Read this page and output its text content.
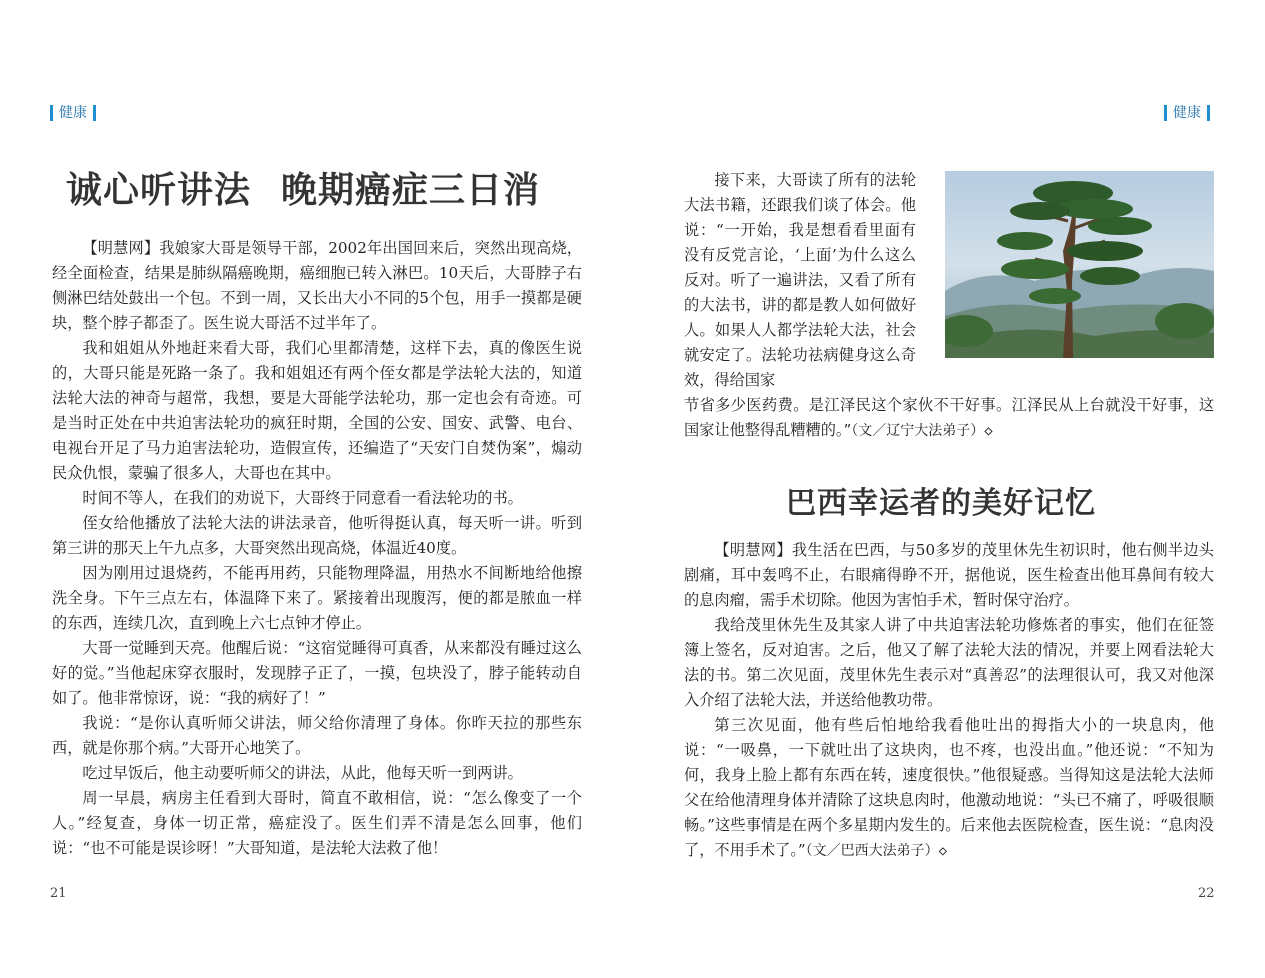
健康	健康
诚心听讲法 晚期癌症三日消

【明慧网】我娘家大哥是领导干部，2002年出国回来后，突然出现高烧，经全面检查，结果是肺纵隔癌晚期，癌细胞已转入淋巴。10天后，大哥脖子右侧淋巴结处鼓出一个包。不到一周，又长出大小不同的5个包，用手一摸都是硬块，整个脖子都歪了。医生说大哥活不过半年了。

我和姐姐从外地赶来看大哥，我们心里都清楚，这样下去，真的像医生说的，大哥只能是死路一条了。我和姐姐还有两个侄女都是学法轮大法的，知道法轮大法的神奇与超常，我想，要是大哥能学法轮功，那一定也会有奇迹。可是当时正处在中共迫害法轮功的疯狂时期，全国的公安、国安、武警、电台、电视台开足了马力迫害法轮功，造假宣传，还编造了“天安门自焚伪案”，煽动民众仇恨，蒙骗了很多人，大哥也在其中。

时间不等人，在我们的劝说下，大哥终于同意看一看法轮功的书。

侄女给他播放了法轮大法的讲法录音，他听得挺认真，每天听一讲。听到第三讲的那天上午九点多，大哥突然出现高烧，体温近40度。

因为刚用过退烧药，不能再用药，只能物理降温，用热水不间断地给他擦洗全身。下午三点左右，体温降下来了。紧接着出现腹泻，便的都是脓血一样的东西，连续几次，直到晚上六七点钟才停止。

大哥一觉睡到天亮。他醒后说：“这宿觉睡得可真香，从来都没有睡过这么好的觉。”当他起床穿衣服时，发现脖子正了，一摸，包块没了，脖子能转动自如了。他非常惊讶，说：“我的病好了！”

我说：“是你认真听师父讲法，师父给你清理了身体。你昨天拉的那些东西，就是你那个病。”大哥开心地笑了。

吃过早饭后，他主动要听师父的讲法，从此，他每天听一到两讲。

周一早晨，病房主任看到大哥时，简直不敢相信，说：“怎么像变了一个人。”经复查，身体一切正常，癌症没了。医生们弄不清是怎么回事，他们说：“也不可能是误诊呀！”大哥知道，是法轮大法救了他！

21

接下来，大哥读了所有的法轮大法书籍，还跟我们谈了体会。他说：“一开始，我是想看看里面有没有反党言论，‘上面’为什么这么反对。听了一遍讲法，又看了所有的大法书，讲的都是教人如何做好人。如果人人都学法轮大法，社会就安定了。法轮功祛病健身这么奇效，得给国家

节省多少医药费。是江泽民这个家伙不干好事。江泽民从上台就没干好事，这国家让他整得乱糟糟的。”（文／辽宁大法弟子）◇

巴西幸运者的美好记忆

【明慧网】我生活在巴西，与50多岁的茂里休先生初识时，他右侧半边头剧痛，耳中轰鸣不止，右眼痛得睁不开，据他说，医生检查出他耳鼻间有较大的息肉瘤，需手术切除。他因为害怕手术，暂时保守治疗。

我给茂里休先生及其家人讲了中共迫害法轮功修炼者的事实，他们在征签簿上签名，反对迫害。之后，他又了解了法轮大法的情况，并要上网看法轮大法的书。第二次见面，茂里休先生表示对“真善忍”的法理很认可，我又对他深入介绍了法轮大法，并送给他教功带。

第三次见面，他有些后怕地给我看他吐出的拇指大小的一块息肉，他说：“一吸鼻，一下就吐出了这块肉，也不疼，也没出血。”他还说：“不知为何，我身上脸上都有东西在转，速度很快。”他很疑惑。当得知这是法轮大法师父在给他清理身体并清除了这块息肉时，他激动地说：“头已不痛了，呼吸很顺畅。”这些事情是在两个多星期内发生的。后来他去医院检查，医生说：“息肉没了，不用手术了。”（文／巴西大法弟子）◇

22
